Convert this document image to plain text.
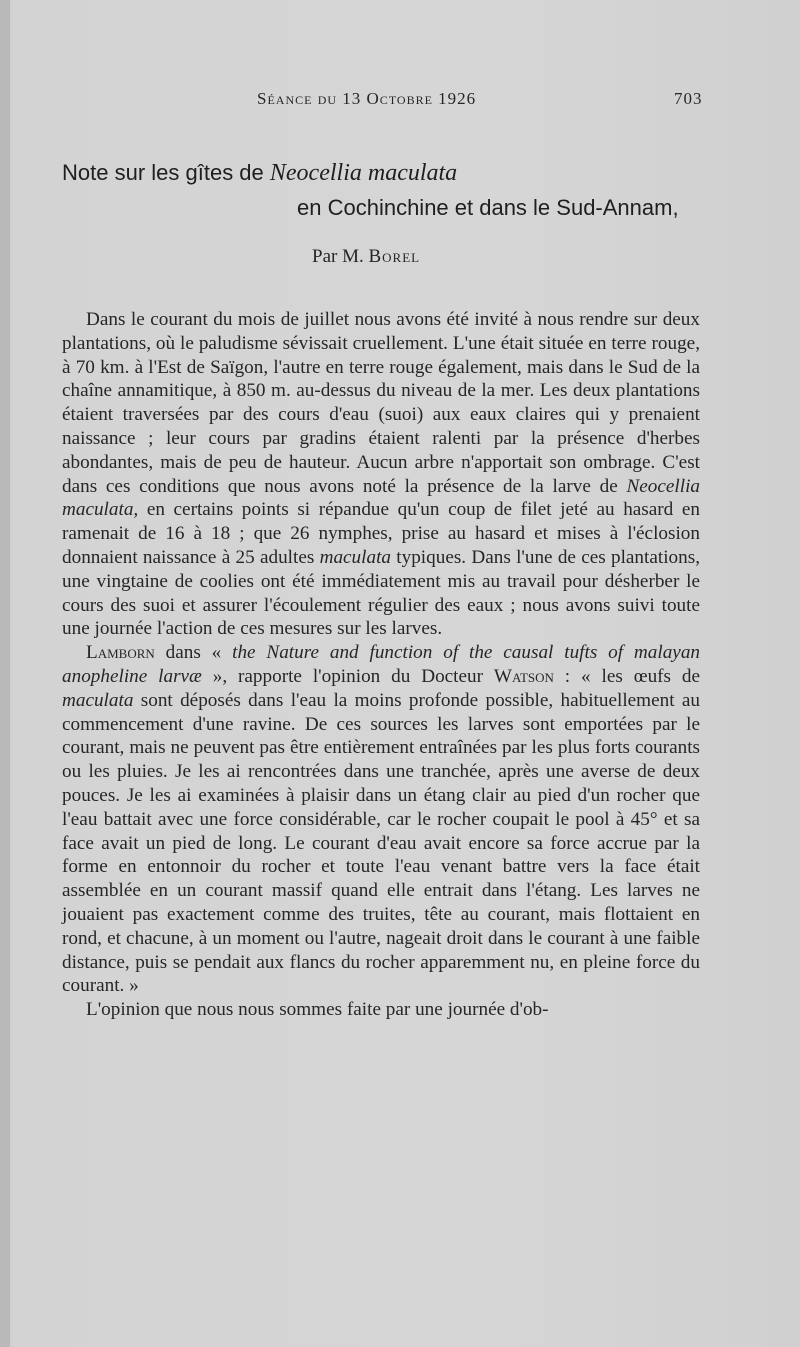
Séance du 13 Octobre 1926	703
Note sur les gîtes de Neocellia maculata
en Cochinchine et dans le Sud-Annam,
Par M. Borel

Dans le courant du mois de juillet nous avons été invité à nous rendre sur deux plantations, où le paludisme sévissait cruellement. L'une était située en terre rouge, à 70 km. à l'Est de Saïgon, l'autre en terre rouge également, mais dans le Sud de la chaîne annamitique, à 850 m. au-dessus du niveau de la mer. Les deux plantations étaient traversées par des cours d'eau (suoi) aux eaux claires qui y prenaient naissance ; leur cours par gradins étaient ralenti par la présence d'herbes abondantes, mais de peu de hauteur. Aucun arbre n'apportait son ombrage. C'est dans ces conditions que nous avons noté la présence de la larve de Neocellia maculata, en certains points si répandue qu'un coup de filet jeté au hasard en ramenait de 16 à 18 ; que 26 nymphes, prise au hasard et mises à l'éclosion donnaient naissance à 25 adultes maculata typiques. Dans l'une de ces plantations, une vingtaine de coolies ont été immédiatement mis au travail pour désherber le cours des suoi et assurer l'écoulement régulier des eaux ; nous avons suivi toute une journée l'action de ces mesures sur les larves.

Lamborn dans « the Nature and function of the causal tufts of malayan anopheline larvæ », rapporte l'opinion du Docteur Watson : « les œufs de maculata sont déposés dans l'eau la moins profonde possible, habituellement au commencement d'une ravine. De ces sources les larves sont emportées par le courant, mais ne peuvent pas être entièrement entraînées par les plus forts courants ou les pluies. Je les ai rencontrées dans une tranchée, après une averse de deux pouces. Je les ai examinées à plaisir dans un étang clair au pied d'un rocher que l'eau battait avec une force considérable, car le rocher coupait le pool à 45° et sa face avait un pied de long. Le courant d'eau avait encore sa force accrue par la forme en entonnoir du rocher et toute l'eau venant battre vers la face était assemblée en un courant massif quand elle entrait dans l'étang. Les larves ne jouaient pas exactement comme des truites, tête au courant, mais flottaient en rond, et chacune, à un moment ou l'autre, nageait droit dans le courant à une faible distance, puis se pendait aux flancs du rocher apparemment nu, en pleine force du courant. »

L'opinion que nous nous sommes faite par une journée d'ob-
